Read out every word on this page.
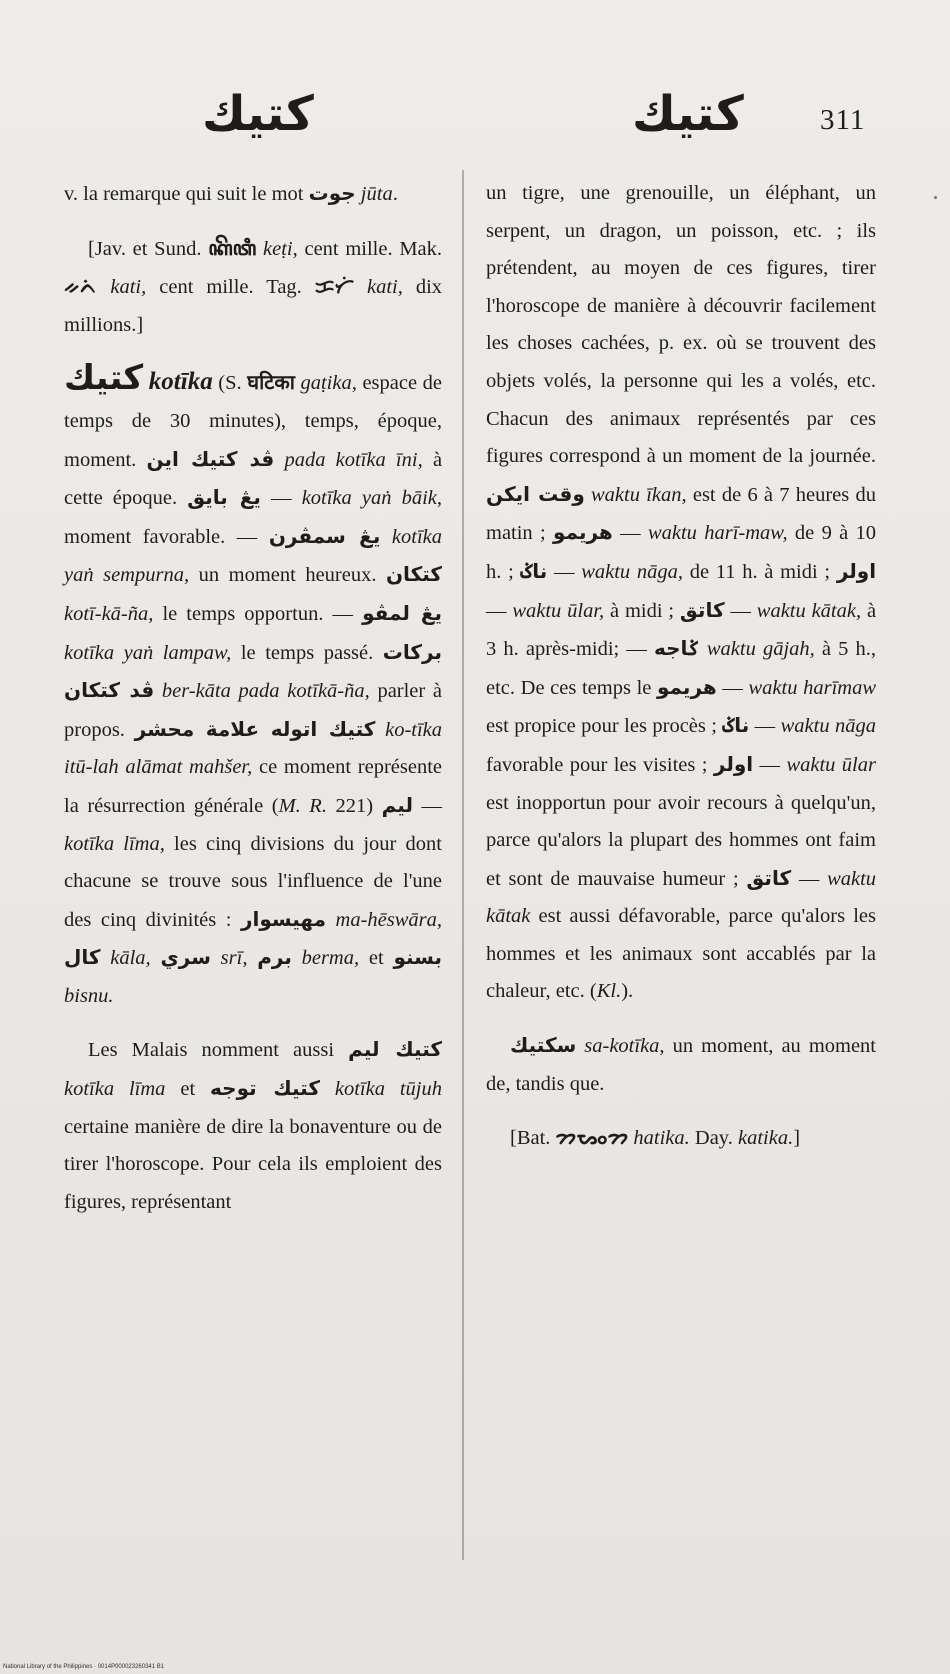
كتيك	كتيك	311

v. la remarque qui suit le mot جوت jūta.

[Jav. et Sund. ꦏꦼꦠꦶ keṭi, cent mille. Mak. ᨀᨈᨗ kati, cent mille. Tag. ᜃᜆᜒ kati, dix millions.]

كتيك kotīka (S. घटिका gaṭika, espace de temps de 30 minutes), temps, époque, moment. ڤد كتيك اين pada kotīka īni, à cette époque. يڠ بايق — kotīka yaṅ bāik, moment favorable. — يڠ سمڤرن kotīka yaṅ sempurna, un moment heureux. كتكان kotī-kā-ña, le temps opportun. — يڠ لمڤو kotīka yaṅ lampaw, le temps passé. بركات ڤد كتكان ber-kāta pada kotīkā-ña, parler à propos. كتيك اتوله علامة محشر ko-tīka itū-lah alāmat mahšer, ce moment représente la résurrection générale (M. R. 221) ليم — kotīka līma, les cinq divisions du jour dont chacune se trouve sous l'influence de l'une des cinq divinités : مهيسوار ma-hēswāra, كال kāla, سري srī, برم berma, et بسنو bisnu.

Les Malais nomment aussi كتيك ليم kotīka līma et كتيك توجه kotīka tūjuh certaine manière de dire la bonaventure ou de tirer l'horoscope. Pour cela ils emploient des figures, représentant

un tigre, une grenouille, un éléphant, un serpent, un dragon, un poisson, etc. ; ils prétendent, au moyen de ces figures, tirer l'horoscope de manière à découvrir facilement les choses cachées, p. ex. où se trouvent des objets volés, la personne qui les a volés, etc. Chacun des animaux représentés par ces figures correspond à un moment de la journée. وقت ايكن waktu īkan, est de 6 à 7 heures du matin ; هريمو — waktu harī-maw, de 9 à 10 h. ; ناݢ — waktu nāga, de 11 h. à midi ; اولر — waktu ūlar, à midi ; كاتق — waktu kātak, à 3 h. après-midi; — ݢاجه waktu gājah, à 5 h., etc. De ces temps le هريمو — waktu harīmaw est propice pour les procès ; ناݢ — waktu nāga favorable pour les visites ; اولر — waktu ūlar est inopportun pour avoir recours à quelqu'un, parce qu'alors la plupart des hommes ont faim et sont de mauvaise humeur ; كاتق — waktu kātak est aussi défavorable, parce qu'alors les hommes et les animaux sont accablés par la chaleur, etc. (Kl.).

سكتيك sa-kotīka, un moment, au moment de, tandis que.

[Bat. ᯂᯗᯪᯂ hatika. Day. katika.]

National Library of the Philippines · 0014P000023260341 B1
